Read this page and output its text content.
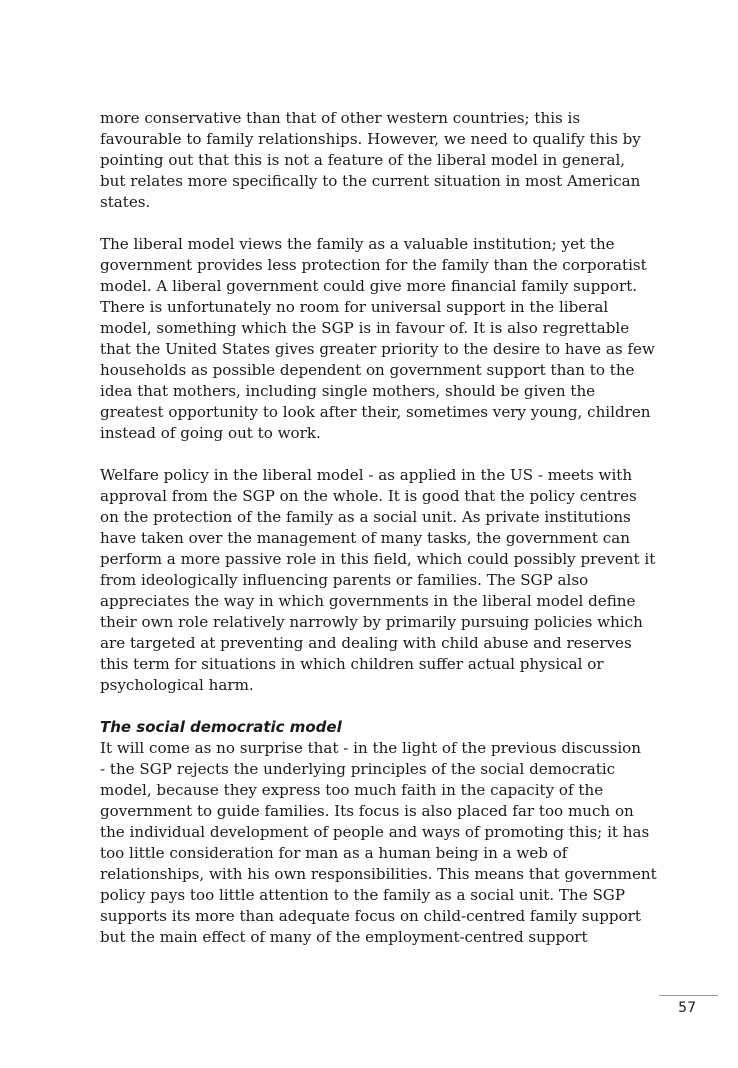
more conservative than that of other western countries; this is
favourable to family relationships. However, we need to qualify this by
pointing out that this is not a feature of the liberal model in general,
but relates more specifically to the current situation in most American
states.

The liberal model views the family as a valuable institution; yet the
government provides less protection for the family than the corporatist
model. A liberal government could give more financial family support.
There is unfortunately no room for universal support in the liberal
model, something which the SGP is in favour of. It is also regrettable
that the United States gives greater priority to the desire to have as few
households as possible dependent on government support than to the
idea that mothers, including single mothers, should be given the
greatest opportunity to look after their, sometimes very young, children
instead of going out to work.

Welfare policy in the liberal model - as applied in the US - meets with
approval from the SGP on the whole. It is good that the policy centres
on the protection of the family as a social unit. As private institutions
have taken over the management of many tasks, the government can
perform a more passive role in this field, which could possibly prevent it
from ideologically influencing parents or families. The SGP also
appreciates the way in which governments in the liberal model define
their own role relatively narrowly by primarily pursuing policies which
are targeted at preventing and dealing with child abuse and reserves
this term for situations in which children suffer actual physical or
psychological harm.

The social democratic model
It will come as no surprise that - in the light of the previous discussion
- the SGP rejects the underlying principles of the social democratic
model, because they express too much faith in the capacity of the
government to guide families. Its focus is also placed far too much on
the individual development of people and ways of promoting this; it has
too little consideration for man as a human being in a web of
relationships, with his own responsibilities. This means that government
policy pays too little attention to the family as a social unit. The SGP
supports its more than adequate focus on child-centred family support
but the main effect of many of the employment-centred support
57
